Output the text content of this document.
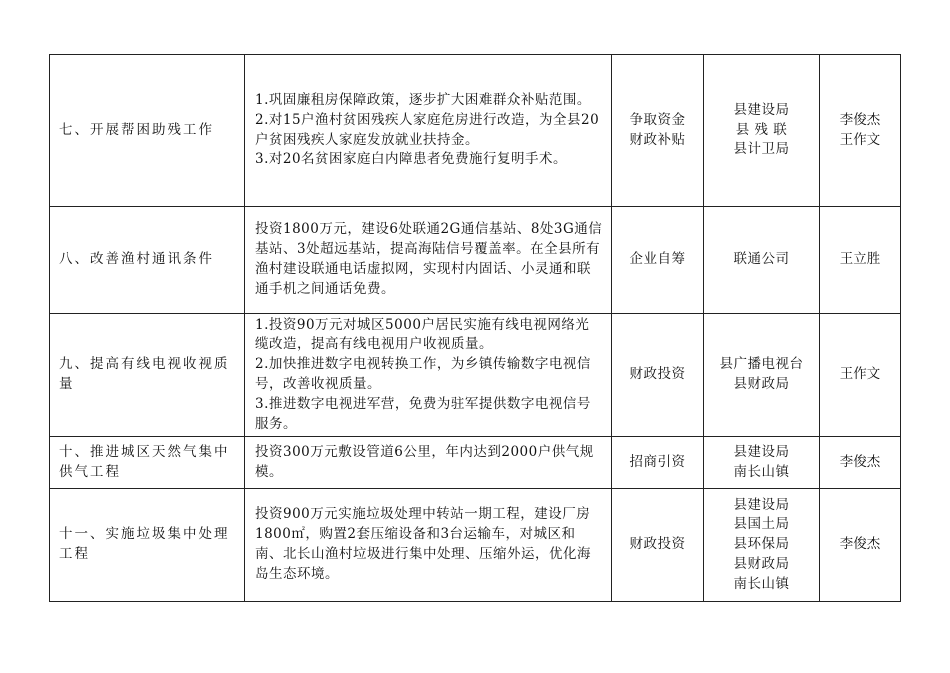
七、开展帮困助残工作	1.巩固廉租房保障政策，逐步扩大困难群众补贴范围。
2.对15户渔村贫困残疾人家庭危房进行改造，为全县20户贫困残疾人家庭发放就业扶持金。
3.对20名贫困家庭白内障患者免费施行复明手术。	争取资金
财政补贴	县建设局
县 残 联
县计卫局	李俊杰
王作文

八、改善渔村通讯条件	投资1800万元，建设6处联通2G通信基站、8处3G通信基站、3处超远基站，提高海陆信号覆盖率。在全县所有渔村建设联通电话虚拟网，实现村内固话、小灵通和联通手机之间通话免费。	企业自筹	联通公司	王立胜

九、提高有线电视收视质量	1.投资90万元对城区5000户居民实施有线电视网络光缆改造，提高有线电视用户收视质量。
2.加快推进数字电视转换工作，为乡镇传输数字电视信号，改善收视质量。
3.推进数字电视进军营，免费为驻军提供数字电视信号服务。	财政投资	县广播电视台
县财政局	王作文

十、推进城区天然气集中供气工程	投资300万元敷设管道6公里，年内达到2000户供气规模。	招商引资	县建设局
南长山镇	李俊杰

十一、实施垃圾集中处理工程	投资900万元实施垃圾处理中转站一期工程，建设厂房1800㎡，购置2套压缩设备和3台运输车，对城区和南、北长山渔村垃圾进行集中处理、压缩外运，优化海岛生态环境。	财政投资	县建设局
县国土局
县环保局
县财政局
南长山镇	李俊杰
